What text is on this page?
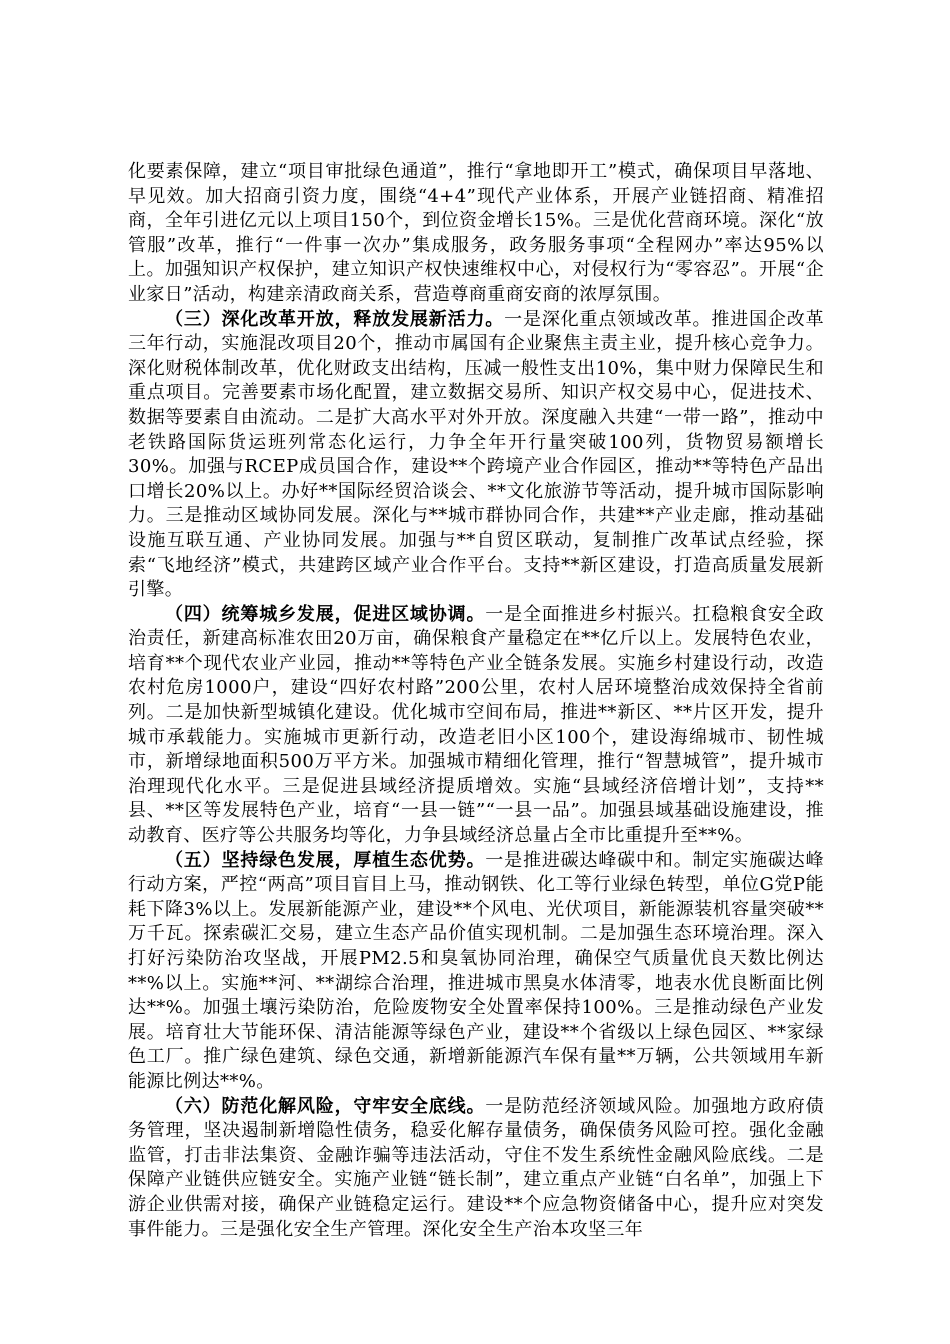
化要素保障，建立“项目审批绿色通道”，推行“拿地即开工”模式，确保项目早落地、早见效。加大招商引资力度，围绕“4+4”现代产业体系，开展产业链招商、精准招商，全年引进亿元以上项目150个，到位资金增长15%。三是优化营商环境。深化“放管服”改革，推行“一件事一次办”集成服务，政务服务事项“全程网办”率达95%以上。加强知识产权保护，建立知识产权快速维权中心，对侵权行为“零容忍”。开展“企业家日”活动，构建亲清政商关系，营造尊商重商安商的浓厚氛围。

（三）深化改革开放，释放发展新活力。一是深化重点领域改革。推进国企改革三年行动，实施混改项目20个，推动市属国有企业聚焦主责主业，提升核心竞争力。深化财税体制改革，优化财政支出结构，压减一般性支出10%，集中财力保障民生和重点项目。完善要素市场化配置，建立数据交易所、知识产权交易中心，促进技术、数据等要素自由流动。二是扩大高水平对外开放。深度融入共建“一带一路”，推动中老铁路国际货运班列常态化运行，力争全年开行量突破100列，货物贸易额增长30%。加强与RCEP成员国合作，建设**个跨境产业合作园区，推动**等特色产品出口增长20%以上。办好**国际经贸洽谈会、**文化旅游节等活动，提升城市国际影响力。三是推动区域协同发展。深化与**城市群协同合作，共建**产业走廊，推动基础设施互联互通、产业协同发展。加强与**自贸区联动，复制推广改革试点经验，探索“飞地经济”模式，共建跨区域产业合作平台。支持**新区建设，打造高质量发展新引擎。

（四）统筹城乡发展，促进区域协调。一是全面推进乡村振兴。扛稳粮食安全政治责任，新建高标准农田20万亩，确保粮食产量稳定在**亿斤以上。发展特色农业，培育**个现代农业产业园，推动**等特色产业全链条发展。实施乡村建设行动，改造农村危房1000户，建设“四好农村路”200公里，农村人居环境整治成效保持全省前列。二是加快新型城镇化建设。优化城市空间布局，推进**新区、**片区开发，提升城市承载能力。实施城市更新行动，改造老旧小区100个，建设海绵城市、韧性城市，新增绿地面积500万平方米。加强城市精细化管理，推行“智慧城管”，提升城市治理现代化水平。三是促进县域经济提质增效。实施“县域经济倍增计划”，支持**县、**区等发展特色产业，培育“一县一链”“一县一品”。加强县域基础设施建设，推动教育、医疗等公共服务均等化，力争县域经济总量占全市比重提升至**%。

（五）坚持绿色发展，厚植生态优势。一是推进碳达峰碳中和。制定实施碳达峰行动方案，严控“两高”项目盲目上马，推动钢铁、化工等行业绿色转型，单位G党P能耗下降3%以上。发展新能源产业，建设**个风电、光伏项目，新能源装机容量突破**万千瓦。探索碳汇交易，建立生态产品价值实现机制。二是加强生态环境治理。深入打好污染防治攻坚战，开展PM2.5和臭氧协同治理，确保空气质量优良天数比例达**%以上。实施**河、**湖综合治理，推进城市黑臭水体清零，地表水优良断面比例达**%。加强土壤污染防治，危险废物安全处置率保持100%。三是推动绿色产业发展。培育壮大节能环保、清洁能源等绿色产业，建设**个省级以上绿色园区、**家绿色工厂。推广绿色建筑、绿色交通，新增新能源汽车保有量**万辆，公共领域用车新能源比例达**%。

（六）防范化解风险，守牢安全底线。一是防范经济领域风险。加强地方政府债务管理，坚决遏制新增隐性债务，稳妥化解存量债务，确保债务风险可控。强化金融监管，打击非法集资、金融诈骗等违法活动，守住不发生系统性金融风险底线。二是保障产业链供应链安全。实施产业链“链长制”，建立重点产业链“白名单”，加强上下游企业供需对接，确保产业链稳定运行。建设**个应急物资储备中心，提升应对突发事件能力。三是强化安全生产管理。深化安全生产治本攻坚三年
